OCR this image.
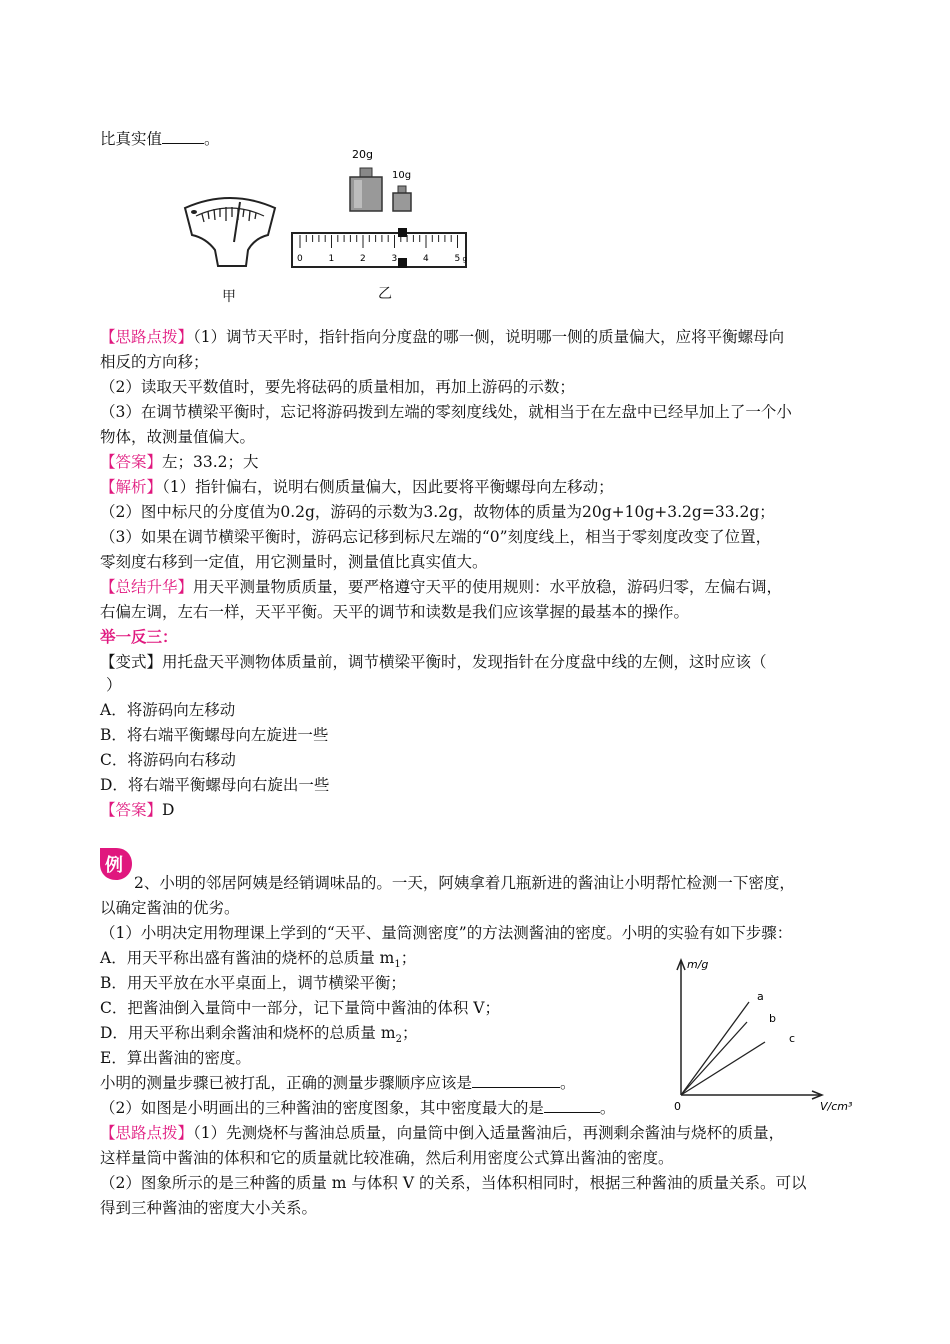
比真实值	。
甲
20g
10g
0	1	2	3	4	5 g
乙
【思路点拨】（1）调节天平时，指针指向分度盘的哪一侧，说明哪一侧的质量偏大，应将平衡螺母向
相反的方向移；
（2）读取天平数值时，要先将砝码的质量相加，再加上游码的示数；
（3）在调节横梁平衡时，忘记将游码拨到左端的零刻度线处，就相当于在左盘中已经早加上了一个小
物体，故测量值偏大。
【答案】左；33.2；大
【解析】（1）指针偏右，说明右侧质量偏大，因此要将平衡螺母向左移动；
（2）图中标尺的分度值为0.2g，游码的示数为3.2g，故物体的质量为20g+10g+3.2g=33.2g；
（3）如果在调节横梁平衡时，游码忘记移到标尺左端的“0”刻度线上，相当于零刻度改变了位置，
零刻度右移到一定值，用它测量时，测量值比真实值大。
【总结升华】用天平测量物质质量，要严格遵守天平的使用规则：水平放稳，游码归零，左偏右调，
右偏左调，左右一样，天平平衡。天平的调节和读数是我们应该掌握的最基本的操作。
举一反三：
【变式】用托盘天平测物体质量前，调节横梁平衡时，发现指针在分度盘中线的左侧，这时应该（
）
A．将游码向左移动
B．将右端平衡螺母向左旋进一些
C．将游码向右移动
D．将右端平衡螺母向右旋出一些
【答案】D
例
2、小明的邻居阿姨是经销调味品的。一天，阿姨拿着几瓶新进的酱油让小明帮忙检测一下密度，
以确定酱油的优劣。
（1）小明决定用物理课上学到的“天平、量筒测密度”的方法测酱油的密度。小明的实验有如下步骤：
A．用天平称出盛有酱油的烧杯的总质量 $m_1$；
B．用天平放在水平桌面上，调节横梁平衡；
C．把酱油倒入量筒中一部分，记下量筒中酱油的体积 V；
D．用天平称出剩余酱油和烧杯的总质量 $m_2$；
E．算出酱油的密度。
小明的测量步骤已被打乱，正确的测量步骤顺序应该是	。
（2）如图是小明画出的三种酱油的密度图象，其中密度最大的是	。
m/g
V/cm³
0
a
b
c
【思路点拨】（1）先测烧杯与酱油总质量，向量筒中倒入适量酱油后，再测剩余酱油与烧杯的质量，
这样量筒中酱油的体积和它的质量就比较准确，然后利用密度公式算出酱油的密度。
（2）图象所示的是三种酱的质量 m 与体积 V 的关系，当体积相同时，根据三种酱油的质量关系。可以
得到三种酱油的密度大小关系。
